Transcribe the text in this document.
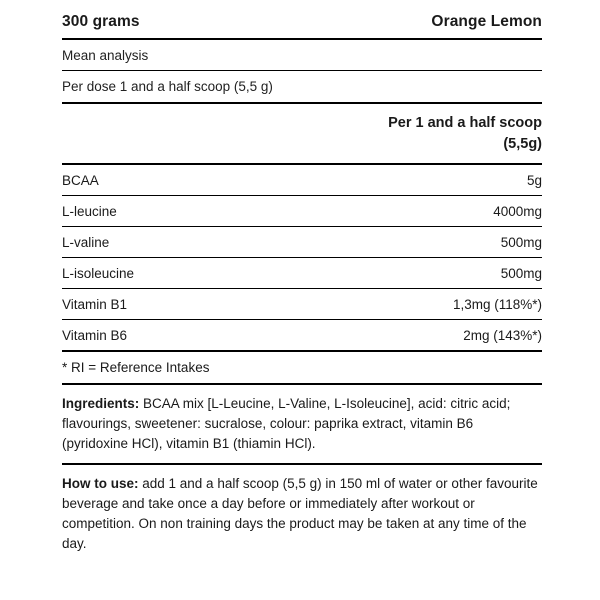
300 grams	Orange Lemon
Mean analysis
Per dose 1 and a half scoop (5,5 g)
Per 1 and a half scoop
(5,5g)
BCAA	5g
L-leucine	4000mg
L-valine	500mg
L-isoleucine	500mg
Vitamin B1	1,3mg (118%*)
Vitamin B6	2mg (143%*)
* RI = Reference Intakes
Ingredients: BCAA mix [L-Leucine, L-Valine, L-Isoleucine], acid: citric acid; flavourings, sweetener: sucralose, colour: paprika extract, vitamin B6 (pyridoxine HCl), vitamin B1 (thiamin HCl).
How to use: add 1 and a half scoop (5,5 g) in 150 ml of water or other favourite beverage and take once a day before or immediately after workout or competition. On non training days the product may be taken at any time of the day.
